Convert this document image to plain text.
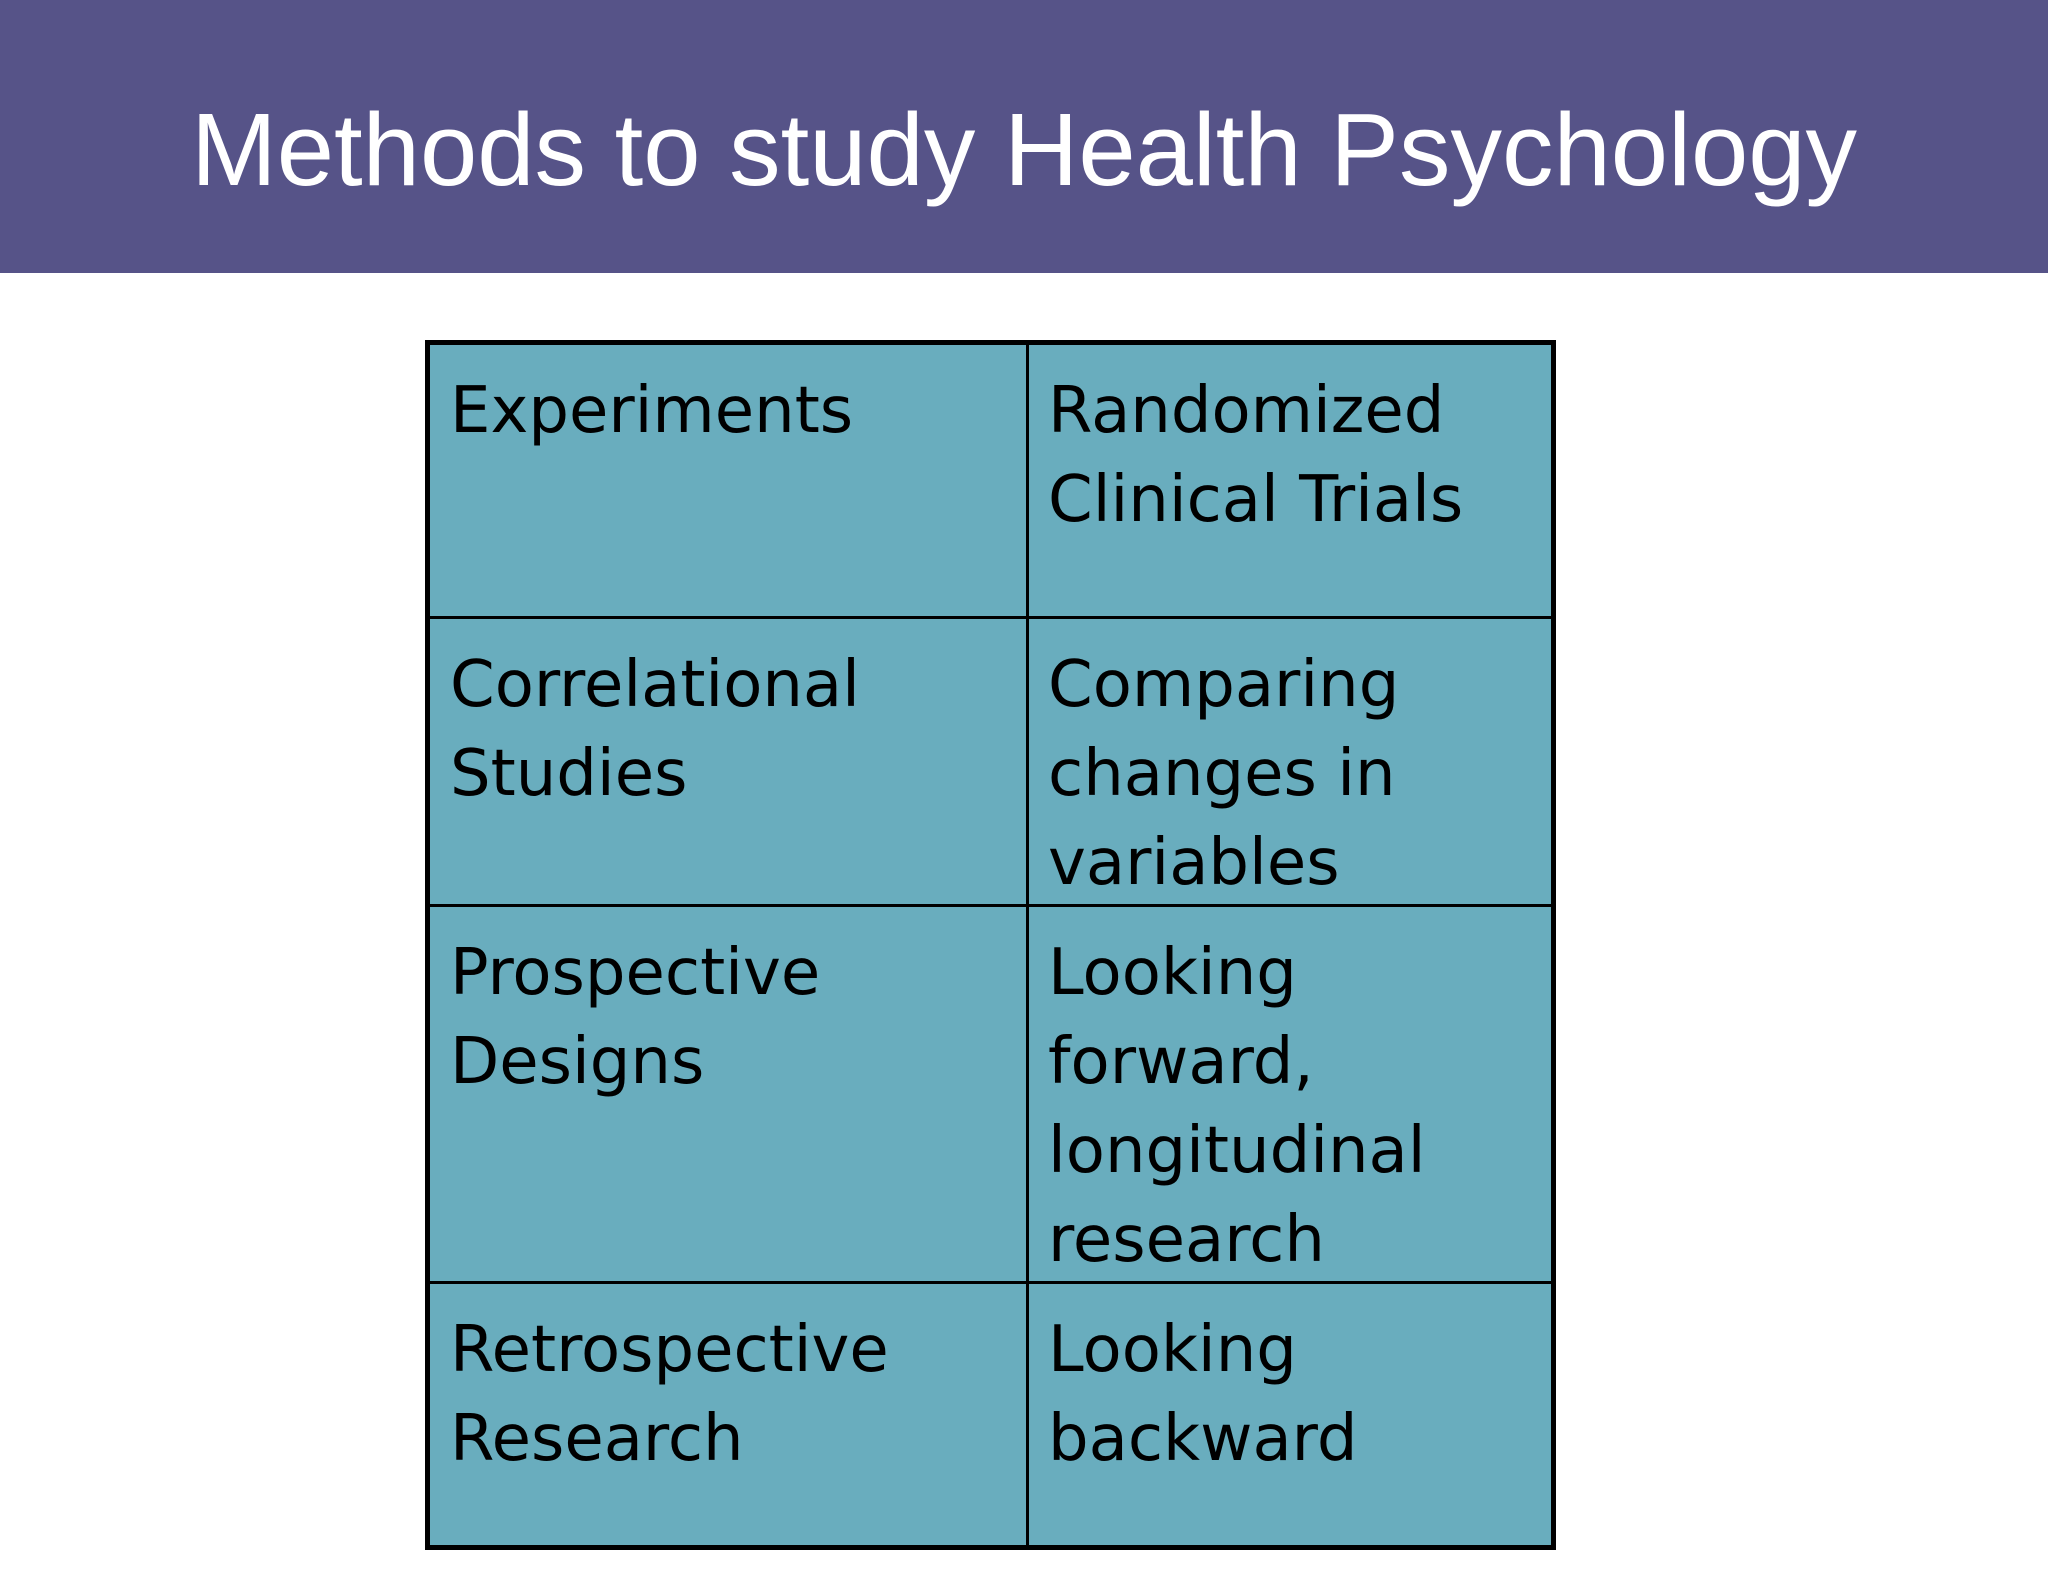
Methods to study Health Psychology
Experiments	Randomized
Clinical Trials
Correlational
Studies
Comparing
changes in
variables
Prospective
Designs
Looking
forward,
longitudinal
research
Retrospective
Research
Looking
backward
